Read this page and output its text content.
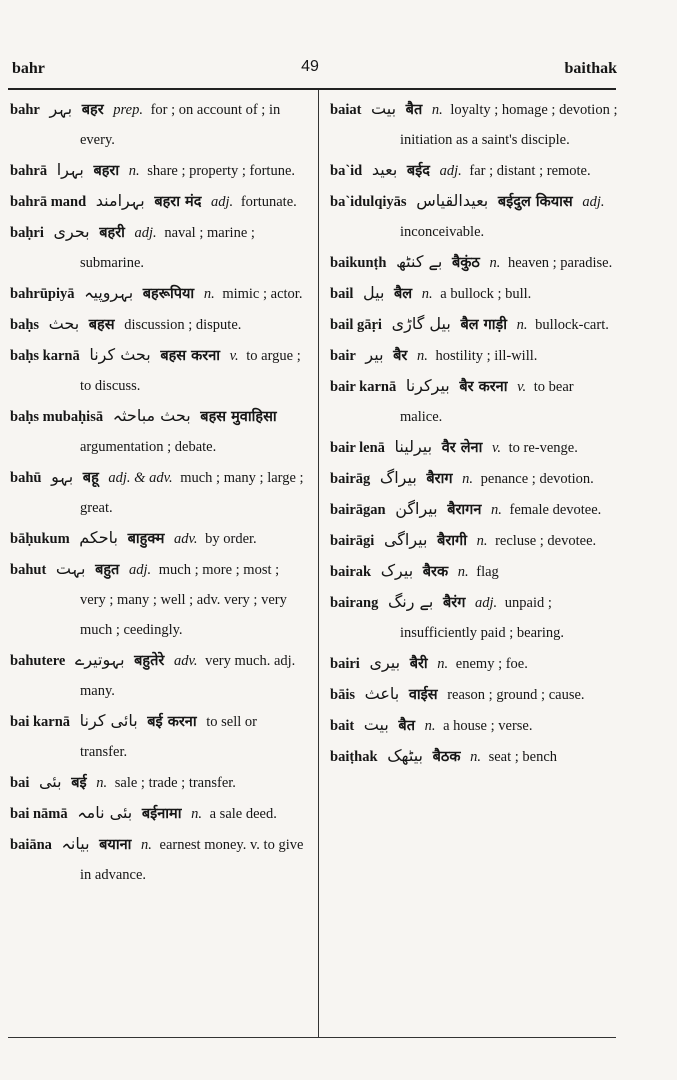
bahr	49	baithak
bahr بہر बहर prep. for ; on account of ; in every.
bahrā بہرا बहरा n. share ; property ; fortune.
bahrā mand بہرامند बहरा मंद adj. fortunate.
baḥri بحری बहरी adj. naval ; marine ; submarine.
bahrūpiyā بہروپیہ बहरूपिया n. mimic ; actor.
baḥs بحث बहस discussion ; dispute.
baḥs karnā بحث کرنا बहस करना v. to argue ; to discuss.
baḥs mubaḥisā بحث مباحثہ बहस मुवाहिसा argumentation ; debate.
bahū بہو बहू adj. & adv. much ; many ; large ; great.
bāḥukum باحکم बाहुक्म adv. by order.
bahut بہت बहुत adj. much ; more ; most ; very ; many ; well ; adv. very ; very much ; ceedingly.
bahutere بہوتیرے बहुतेरे adv. very much. adj. many.
bai karnā بائی کرنا बई करना to sell or transfer.
bai بئی बई n. sale ; trade ; transfer.
bai nāmā بئی نامہ बईनामा n. a sale deed.
baiāna بیانہ बयाना n. earnest money. v. to give in advance.
baiat بیت बैत n. loyalty ; homage ; devotion ; initiation as a saint's disciple.
ba`id بعید बईद adj. far ; distant ; remote.
ba`idulqiyās بعیدالقیاس बईदुल कियास adj. inconceivable.
baikunṭh بے کنٹھ बैकुंठ n. heaven ; paradise.
bail بیل बैल n. a bullock ; bull.
bail gāṛi بیل گاڑی बैल गाड़ी n. bullock-cart.
bair بیر बैर n. hostility ; ill-will.
bair karnā بیرکرنا बैर करना v. to bear malice.
bair lenā بیرلینا वैर लेना v. to re-venge.
bairāg بیراگ बैराग n. penance ; devotion.
bairāgan بیراگن बैरागन n. female devotee.
bairāgi بیراگی बैरागी n. recluse ; devotee.
bairak بیرک बैरक n. flag
bairang بے رنگ बैरंग adj. unpaid ; insufficiently paid ; bearing.
bairi بیری बैरी n. enemy ; foe.
bāis باعث वाईस reason ; ground ; cause.
bait بیت बैत n. a house ; verse.
baiṭhak بیٹھک बैठक n. seat ; bench
